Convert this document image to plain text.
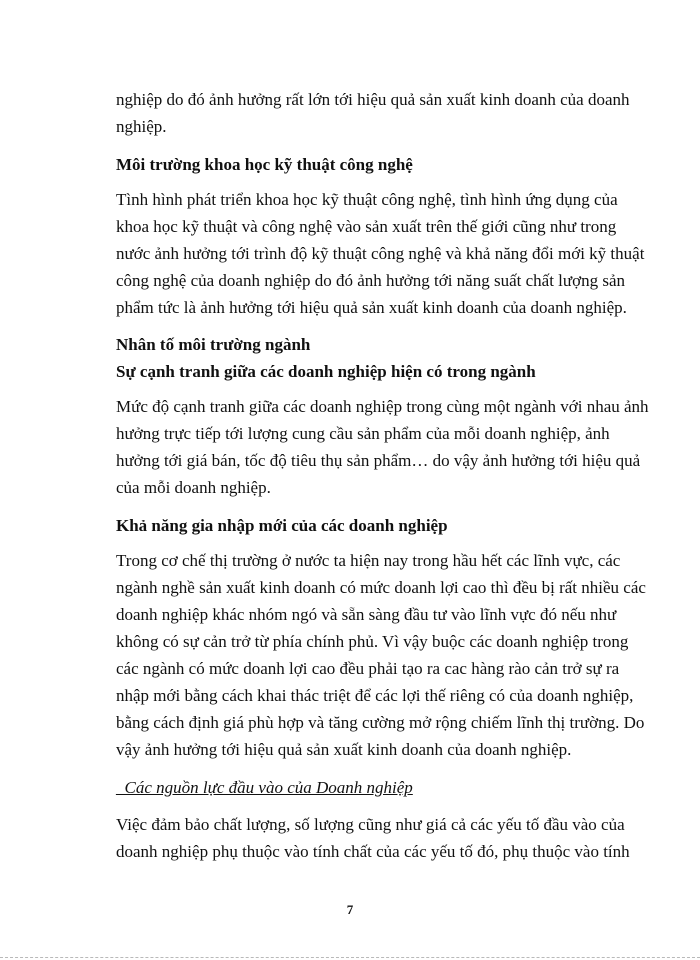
nghiệp do đó ảnh hưởng rất lớn tới hiệu quả sản xuất kinh doanh của doanh

nghiệp.

Môi trường khoa học kỹ thuật công nghệ

Tình hình phát triển khoa học kỹ thuật công nghệ, tình hình ứng dụng của

khoa học kỹ thuật và công nghệ vào sản xuất trên thế giới cũng như trong

nước ảnh hưởng tới trình độ kỹ thuật công nghệ và khả năng đổi mới kỹ thuật

công nghệ của doanh nghiệp do đó ảnh hưởng tới năng suất chất lượng sản

phẩm tức là ảnh hưởng tới hiệu quả sản xuất kinh doanh của doanh nghiệp.

Nhân tố môi trường ngành

Sự cạnh tranh giữa các doanh nghiệp hiện có trong ngành

Mức độ cạnh tranh giữa các doanh nghiệp trong cùng một ngành với nhau ảnh

hưởng trực tiếp tới lượng cung cầu sản phẩm của mỗi doanh nghiệp, ảnh

hưởng tới giá bán, tốc độ tiêu thụ sản phẩm… do vậy ảnh hưởng tới hiệu quả

của mỗi doanh nghiệp.

Khả năng gia nhập mới của các doanh nghiệp

Trong cơ chế thị trường ở nước ta hiện nay trong hầu hết các lĩnh vực, các

ngành nghề sản xuất kinh doanh có mức doanh lợi cao thì đều bị rất nhiều các

doanh nghiệp khác nhóm ngó và sẵn sàng đầu tư vào lĩnh vực đó nếu như

không có sự cản trở từ phía chính phủ. Vì vậy buộc các doanh nghiệp trong

các ngành có mức doanh lợi cao đều phải tạo ra cac hàng rào cản trở sự ra

nhập mới bằng cách khai thác triệt để các lợi thế riêng có của doanh nghiệp,

bằng cách định giá phù hợp và tăng cường mở rộng chiếm lĩnh thị trường. Do

vậy ảnh hưởng tới hiệu quả sản xuất kinh doanh của doanh nghiệp.

_Các nguồn lực đầu vào của Doanh nghiệp

Việc đảm bảo chất lượng, số lượng cũng như giá cả các yếu tố đầu vào của

doanh nghiệp phụ thuộc vào tính chất của các yếu tố đó, phụ thuộc vào tính

7
